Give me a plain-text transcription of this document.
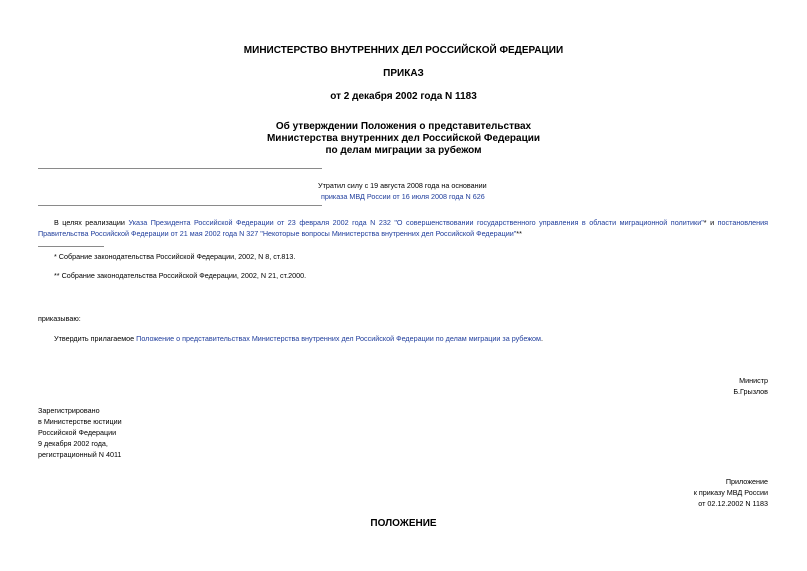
МИНИСТЕРСТВО ВНУТРЕННИХ ДЕЛ РОССИЙСКОЙ ФЕДЕРАЦИИ
ПРИКАЗ
от 2 декабря 2002 года N 1183
Об утверждении Положения о представительствах
Министерства внутренних дел Российской Федерации
по делам миграции за рубежом
Утратил силу с 19 августа 2008 года на основании
приказа МВД России от 16 июля 2008 года N 626
В целях реализации Указа Президента Российской Федерации от 23 февраля 2002 года N 232 "О совершенствовании государственного управления в области миграционной политики"* и постановления Правительства Российской Федерации от 21 мая 2002 года N 327 "Некоторые вопросы Министерства внутренних дел Российской Федерации"**
* Собрание законодательства Российской Федерации, 2002, N 8, ст.813.
** Собрание законодательства Российской Федерации, 2002, N 21, ст.2000.
приказываю:
Утвердить прилагаемое Положение о представительствах Министерства внутренних дел Российской Федерации по делам миграции за рубежом.
Министр
Б.Грызлов
Зарегистрировано
в Министерстве юстиции
Российской Федерации
9 декабря 2002 года,
регистрационный N 4011
Приложение
к приказу МВД России
от 02.12.2002 N 1183
ПОЛОЖЕНИЕ
